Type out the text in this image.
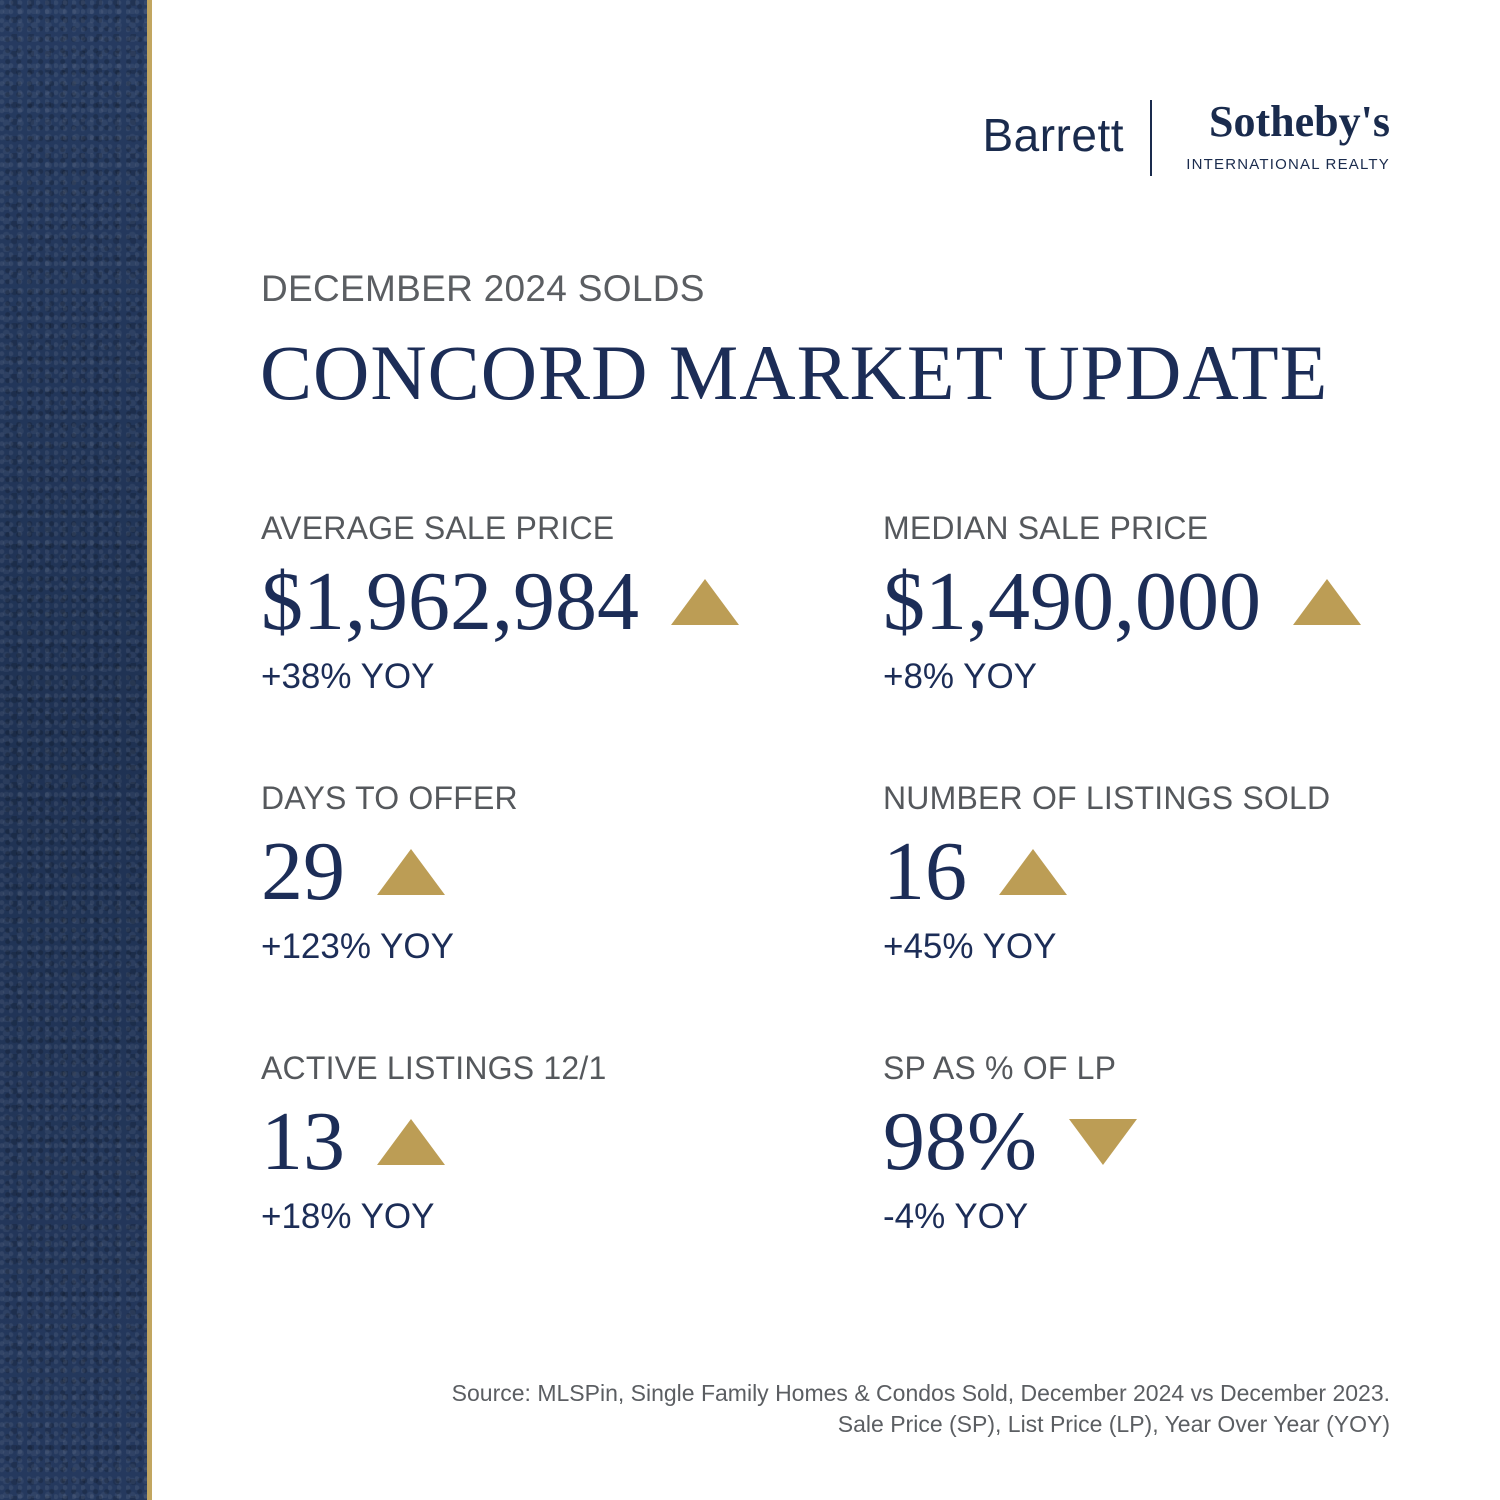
Barrett Sotheby's
INTERNATIONAL REALTY
DECEMBER 2024 SOLDS
CONCORD MARKET UPDATE
AVERAGE SALE PRICE
$1,962,984
+38% YOY
MEDIAN SALE PRICE
$1,490,000
+8% YOY
DAYS TO OFFER
29
+123% YOY
NUMBER OF LISTINGS SOLD
16
+45% YOY
ACTIVE LISTINGS 12/1
13
+18% YOY
SP AS % OF LP
98%
-4% YOY
Source: MLSPin, Single Family Homes & Condos Sold, December 2024 vs December 2023.
Sale Price (SP), List Price (LP), Year Over Year (YOY)
